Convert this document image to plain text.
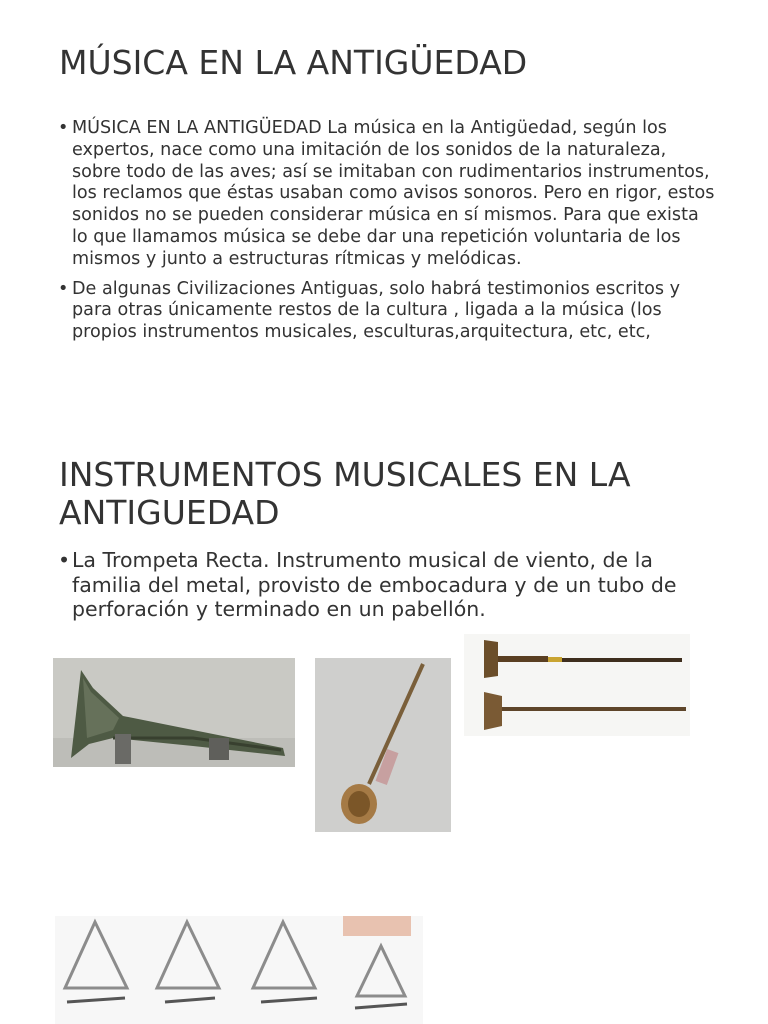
MÚSICA EN LA ANTIGÜEDAD
• MÚSICA EN LA ANTIGÜEDAD La música en la Antigüedad, según los expertos, nace como una imitación de los sonidos de la naturaleza, sobre todo de las aves; así se imitaban con rudimentarios instrumentos, los reclamos que éstas usaban como avisos sonoros. Pero en rigor, estos sonidos no se pueden considerar música en sí mismos. Para que exista lo que llamamos música se debe dar una repetición voluntaria de los mismos y junto a estructuras rítmicas y melódicas.
• De algunas Civilizaciones Antiguas, solo habrá testimonios escritos y para otras únicamente restos de la cultura , ligada a la música (los propios instrumentos musicales, esculturas,arquitectura, etc, etc,
INSTRUMENTOS MUSICALES EN LA ANTIGUEDAD
• La Trompeta Recta. Instrumento musical de viento, de la familia del metal, provisto de embocadura y de un tubo de perforación y terminado en un pabellón.
